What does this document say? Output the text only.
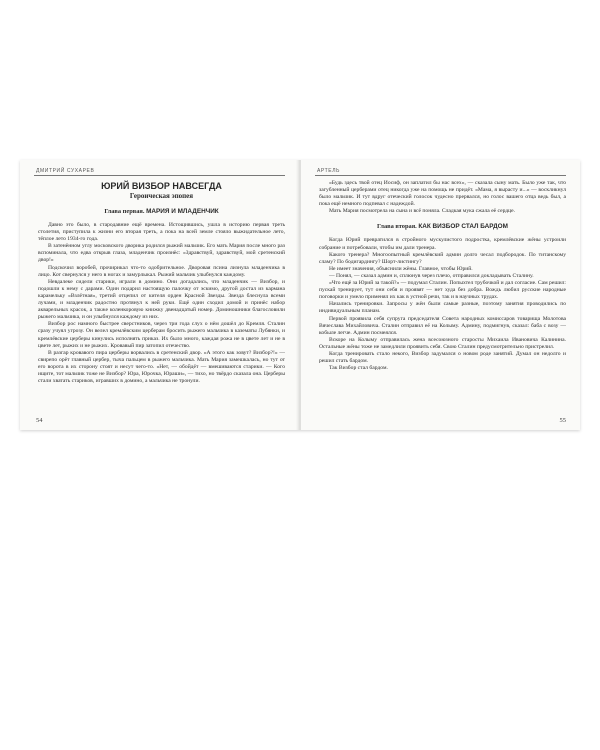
ДМИТРИЙ СУХАРЕВ
ЮРИЙ ВИЗБОР НАВСЕГДА
Героическая эпопея
Глава первая. МАРИЯ И МЛАДЕНЧИК

Давно это было, в стародавние ещё времена. Истощившись, ушла в историю первая треть столетия, приступила к жизни его вторая треть, а пока на всей земле стояло выжидательное лето, тёплое лето 1934-го года.

В затенённом углу московского дворика родился рыжий мальчик. Его мать Мария после много раз вспоминала, что едва открыв глаза, младенчик произнёс: «Здравствуй, здравствуй, мой сретенский двор!»

Подскочил воробей, прочирикал что-то одобрительное. Дворовая псина лизнула младенчика в лицо. Кот свернулся у него в ногах и замурлыкал. Рыжий мальчик улыбнулся каждому.

Невдалеке сидели старики, играли в домино. Они догадались, что младенчик — Визбор, и подошли к нему с дарами. Один подарил настоящую палочку от эскимо, другой достал из кармана карамельку «Взлётная», третий отцепил от кителя орден Красной Звезды. Звезда блеснула всеми лучами, и младенчик радостно протянул к ней руки. Ещё один сходил домой и принёс набор акварельных красок, а также коленкоровую книжку двенадцатый номер. Доминошники благословили рыжего мальчика, и он улыбнулся каждому из них.

Визбор рос намного быстрее сверстников, через три года слух о нём дошёл до Кремля. Сталин сразу учуял угрозу. Он велел кремлёвским церберам бросить рыжего мальчика в казематы Лубянки, и кремлёвские церберы кинулись исполнять приказ. Их было много, каждая рожа не в цвете лет и не в цвете лет, рыжих и не рыжих. Кровавый пир затопил отечество.

В разгар кровавого пира церберы ворвались в сретенский двор. «А этого как зовут? Визбор?!» — свирепо орёт главный цербер, тыча пальцем в рыжего мальчика. Мать Мария замешкалась, но тут от его ворота в их сторону стоят и несут чего-то. «Нет, — обойдёт — вмешиваются старики. — Кого ищите, тот мальчик тоже не Визбор? Юра, Юрочка, Юраши», — тихо, но твёрдо сказала она. Церберы стали хватать стариков, игравших в домино, а мальчика не тронули.

54
АРТЕЛЬ

«Будь здесь твой отец Иосиф, он заплатил бы нас всех», — сказала сыну мать. Было уже так, что загубленный церберами отец никогда уже на помощь не придёт. «Мама, я вырасту и...» — воскликнул было мальчик. И тут вдруг отеческий голосок чудесно прервался, но голос вашего отца ведь был, а пока ещё немного подпевал с надеждой.

Мать Мария посмотрела на сына и всё поняла. Сладкая мука сжала её сердце.

Глава вторая. КАК ВИЗБОР СТАЛ БАРДОМ

Когда Юрий превратился в стройного мускулистого подростка, кремлёвские жёны устроили собрание и потребовали, чтобы им дали тренера.

Какого тренера? Многоопытный кремлёвский админ долго чесал подбородок. По титанскому сламу? По бодигардингу? Шорт-листингу?

Не имеет значения, объяснили жёны. Главное, чтобы Юрий.

— Понял, — сказал админ и, сплюнув через плечо, отправился докладывать Сталину.

«Что ещё за Юрий за такой?» — подумал Сталин. Попыхтел трубочкой и дал согласие. Сам решил: пускай тренирует, тут они себя и проявят — нет худа без добра. Вождь любил русские народные поговорки и умело применял их как в устной речи, так и в научных трудах.

Начались тренировки. Запросы у жён были самые разные, поэтому занятия проводились по индивидуальным планам.

Первой проявила себя супруга председателя Совета народных комиссаров товарища Молотова Вячеслава Михайловича. Сталин отправил её на Колыму. Админу, подмигнув, сказал: баба с возу — кобыле легче. Админ посмеялся.

Вскоре на Колыму отправилась жена всесоюзного старосты Михаила Ивановича Калинина. Остальные жёны тоже не замедлили проявить себя. Свою Сталин предусмотрительно пристрелил.

Когда тренировать стало некого, Визбор задумался о новом роде занятий. Думал он недолго и решил стать бардом.

Так Визбор стал бардом.

55
